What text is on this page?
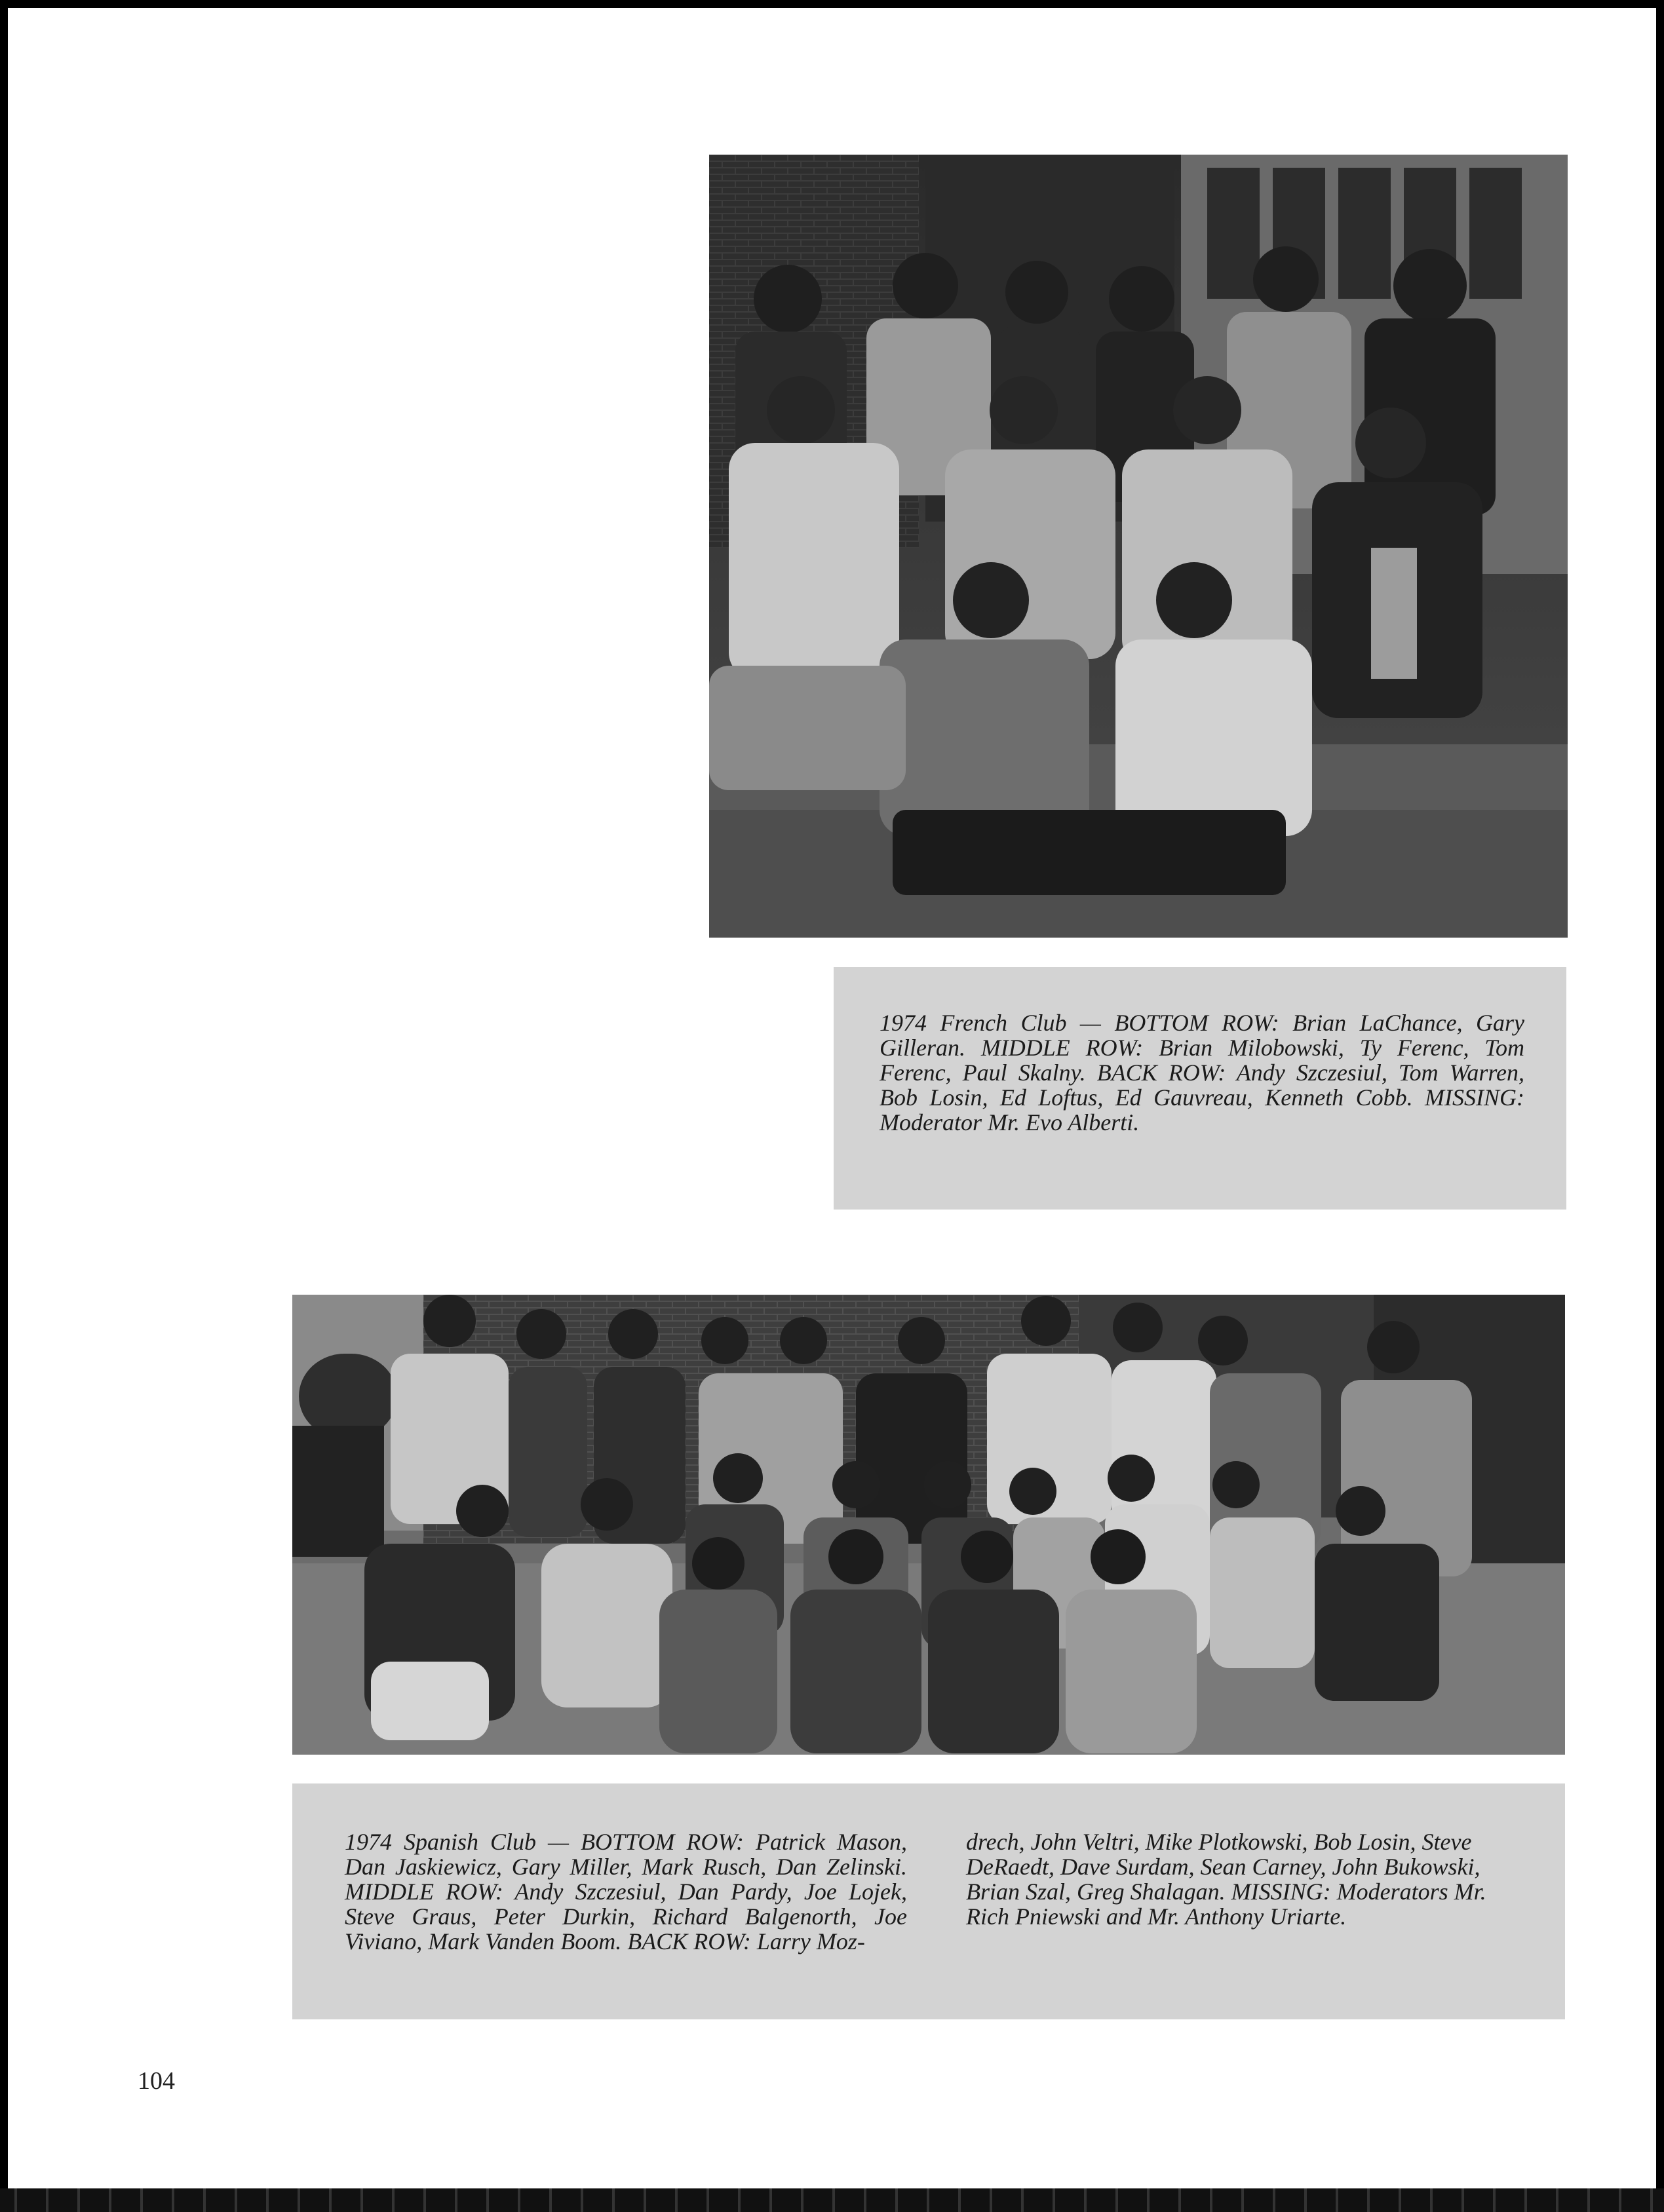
1974 French Club — BOTTOM ROW: Brian LaChance, Gary Gilleran. MIDDLE ROW: Brian Milobowski, Ty Ferenc, Tom Ferenc, Paul Skalny. BACK ROW: Andy Szczesiul, Tom Warren, Bob Losin, Ed Loftus, Ed Gauvreau, Kenneth Cobb. MISSING: Moderator Mr. Evo Alberti.
1974 Spanish Club — BOTTOM ROW: Patrick Mason, Dan Jaskiewicz, Gary Miller, Mark Rusch, Dan Zelinski. MIDDLE ROW: Andy Szczesiul, Dan Pardy, Joe Lojek, Steve Graus, Peter Durkin, Richard Balgenorth, Joe Viviano, Mark Vanden Boom. BACK ROW: Larry Moz-
drech, John Veltri, Mike Plotkowski, Bob Losin, Steve DeRaedt, Dave Surdam, Sean Carney, John Bukowski, Brian Szal, Greg Shalagan. MISSING: Moderators Mr. Rich Pniewski and Mr. Anthony Uriarte.
104
